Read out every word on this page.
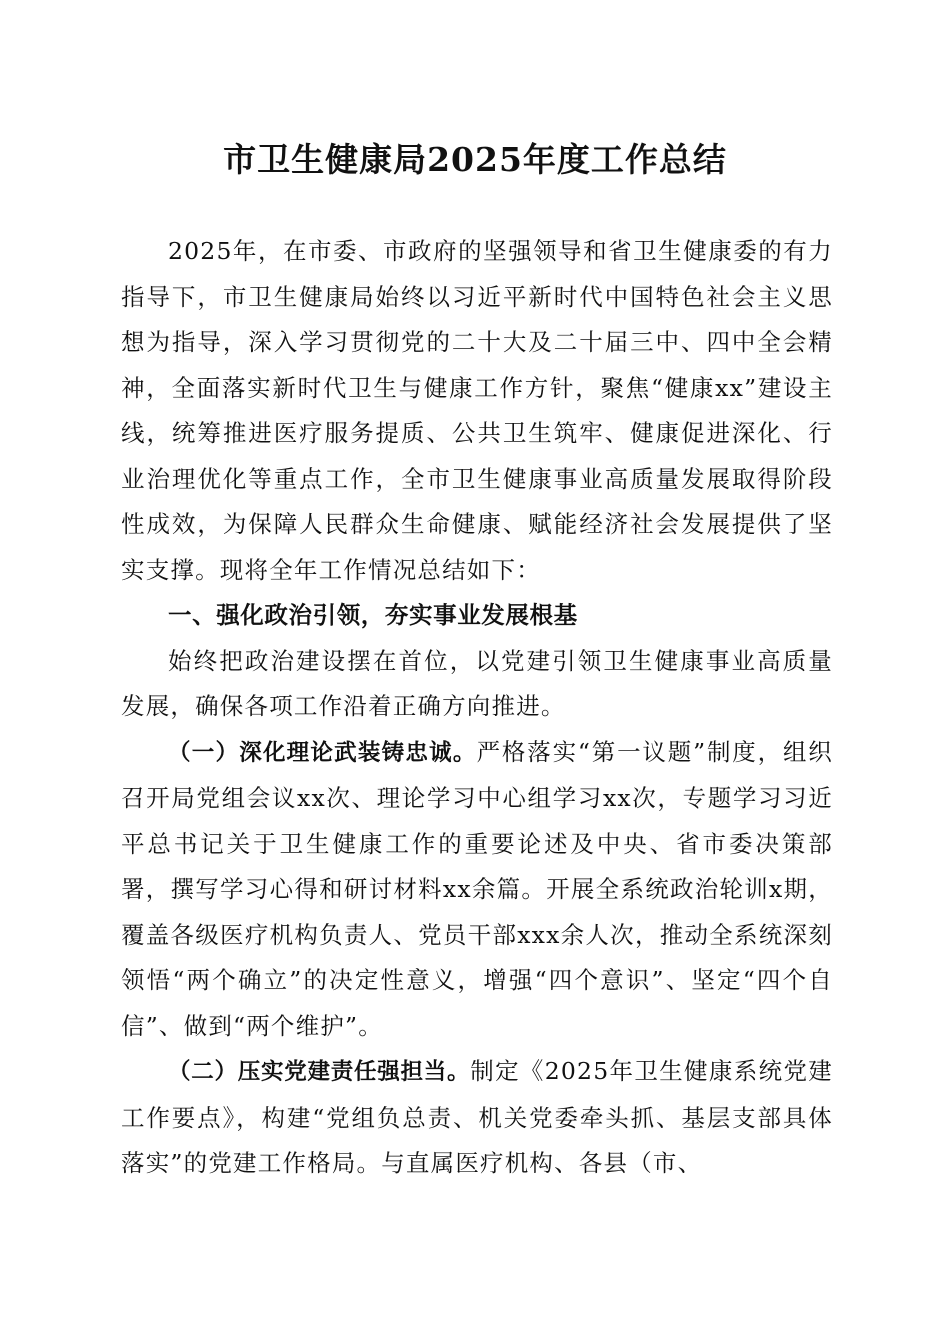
市卫生健康局2025年度工作总结

2025年，在市委、市政府的坚强领导和省卫生健康委的有力指导下，市卫生健康局始终以习近平新时代中国特色社会主义思想为指导，深入学习贯彻党的二十大及二十届三中、四中全会精神，全面落实新时代卫生与健康工作方针，聚焦“健康xx”建设主线，统筹推进医疗服务提质、公共卫生筑牢、健康促进深化、行业治理优化等重点工作，全市卫生健康事业高质量发展取得阶段性成效，为保障人民群众生命健康、赋能经济社会发展提供了坚实支撑。现将全年工作情况总结如下：

一、强化政治引领，夯实事业发展根基

始终把政治建设摆在首位，以党建引领卫生健康事业高质量发展，确保各项工作沿着正确方向推进。

（一）深化理论武装铸忠诚。严格落实“第一议题”制度，组织召开局党组会议xx次、理论学习中心组学习xx次，专题学习习近平总书记关于卫生健康工作的重要论述及中央、省市委决策部署，撰写学习心得和研讨材料xx余篇。开展全系统政治轮训x期，覆盖各级医疗机构负责人、党员干部xxx余人次，推动全系统深刻领悟“两个确立”的决定性意义，增强“四个意识”、坚定“四个自信”、做到“两个维护”。

（二）压实党建责任强担当。制定《2025年卫生健康系统党建工作要点》，构建“党组负总责、机关党委牵头抓、基层支部具体落实”的党建工作格局。与直属医疗机构、各县（市、
